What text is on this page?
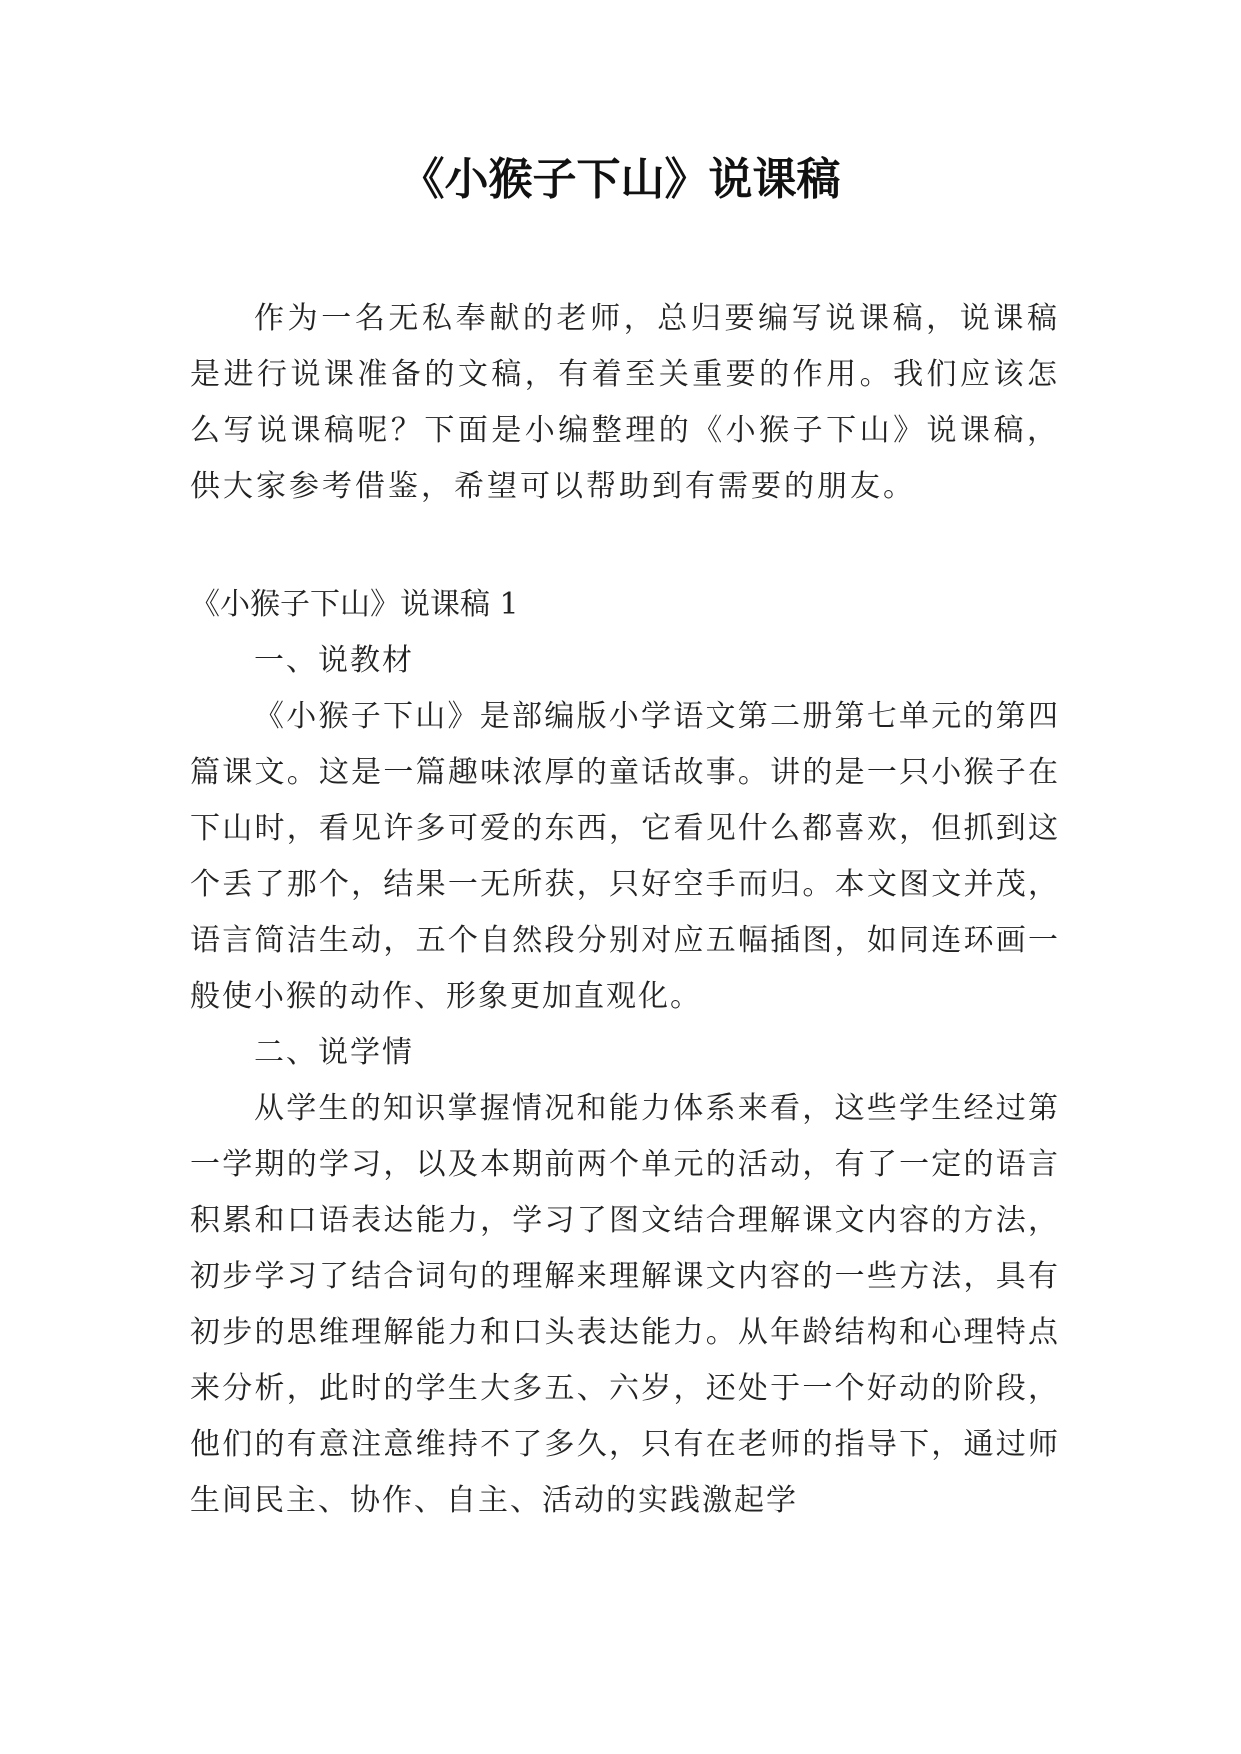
《小猴子下山》说课稿

作为一名无私奉献的老师，总归要编写说课稿，说课稿是进行说课准备的文稿，有着至关重要的作用。我们应该怎么写说课稿呢？下面是小编整理的《小猴子下山》说课稿，供大家参考借鉴，希望可以帮助到有需要的朋友。

《小猴子下山》说课稿 1

一、说教材

《小猴子下山》是部编版小学语文第二册第七单元的第四篇课文。这是一篇趣味浓厚的童话故事。讲的是一只小猴子在下山时，看见许多可爱的东西，它看见什么都喜欢，但抓到这个丢了那个，结果一无所获，只好空手而归。本文图文并茂，语言简洁生动，五个自然段分别对应五幅插图，如同连环画一般使小猴的动作、形象更加直观化。

二、说学情

从学生的知识掌握情况和能力体系来看，这些学生经过第一学期的学习，以及本期前两个单元的活动，有了一定的语言积累和口语表达能力，学习了图文结合理解课文内容的方法，初步学习了结合词句的理解来理解课文内容的一些方法，具有初步的思维理解能力和口头表达能力。从年龄结构和心理特点来分析，此时的学生大多五、六岁，还处于一个好动的阶段，他们的有意注意维持不了多久，只有在老师的指导下，通过师生间民主、协作、自主、活动的实践激起学
